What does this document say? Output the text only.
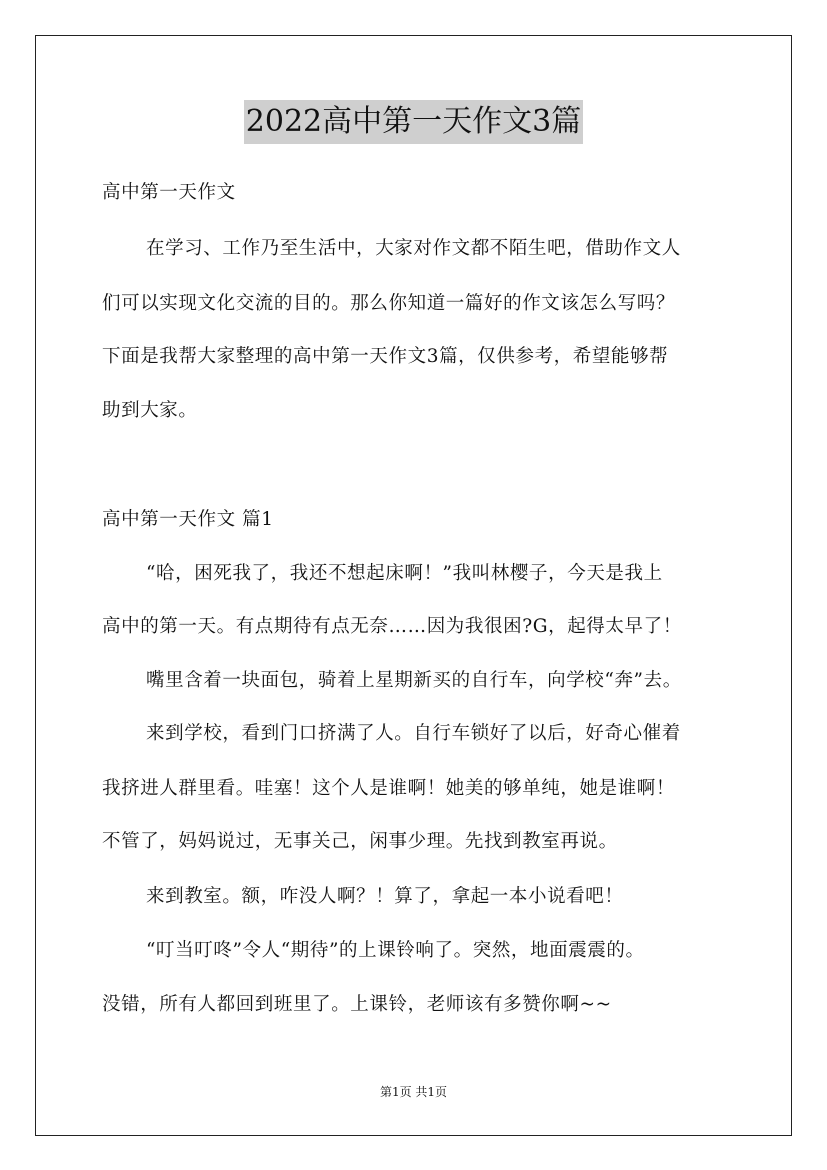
2022高中第一天作文3篇
高中第一天作文
在学习、工作乃至生活中，大家对作文都不陌生吧，借助作文人
们可以实现文化交流的目的。那么你知道一篇好的作文该怎么写吗？
下面是我帮大家整理的高中第一天作文3篇，仅供参考，希望能够帮
助到大家。
高中第一天作文 篇1
“哈，困死我了，我还不想起床啊！”我叫林樱子，今天是我上
高中的第一天。有点期待有点无奈……因为我很困?G，起得太早了！
嘴里含着一块面包，骑着上星期新买的自行车，向学校“奔”去。
来到学校，看到门口挤满了人。自行车锁好了以后，好奇心催着
我挤进人群里看。哇塞！这个人是谁啊！她美的够单纯，她是谁啊！
不管了，妈妈说过，无事关己，闲事少理。先找到教室再说。
来到教室。额，咋没人啊？！算了，拿起一本小说看吧！
“叮当叮咚”令人“期待”的上课铃响了。突然，地面震震的。
没错，所有人都回到班里了。上课铃，老师该有多赞你啊~~
第1页 共1页
